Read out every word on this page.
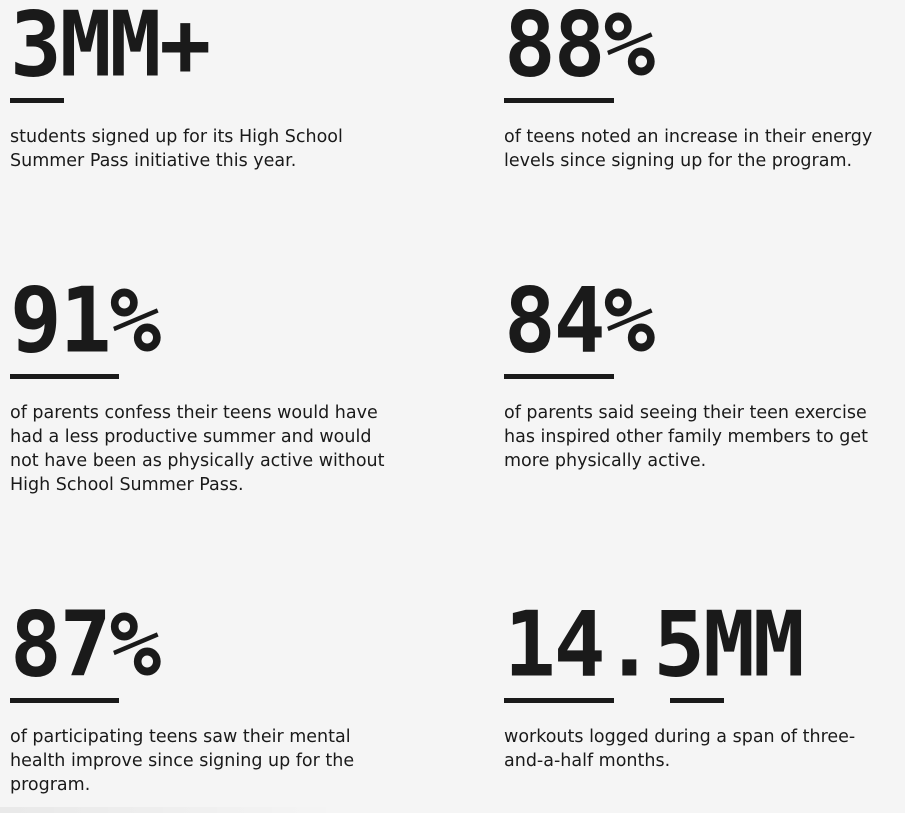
3MM+
students signed up for its High School Summer Pass initiative this year.
88%
of teens noted an increase in their energy levels since signing up for the program.
91%
of parents confess their teens would have had a less productive summer and would not have been as physically active without High School Summer Pass.
84%
of parents said seeing their teen exercise has inspired other family members to get more physically active.
87%
of participating teens saw their mental health improve since signing up for the program.
14.5MM
workouts logged during a span of three-and-a-half months.
